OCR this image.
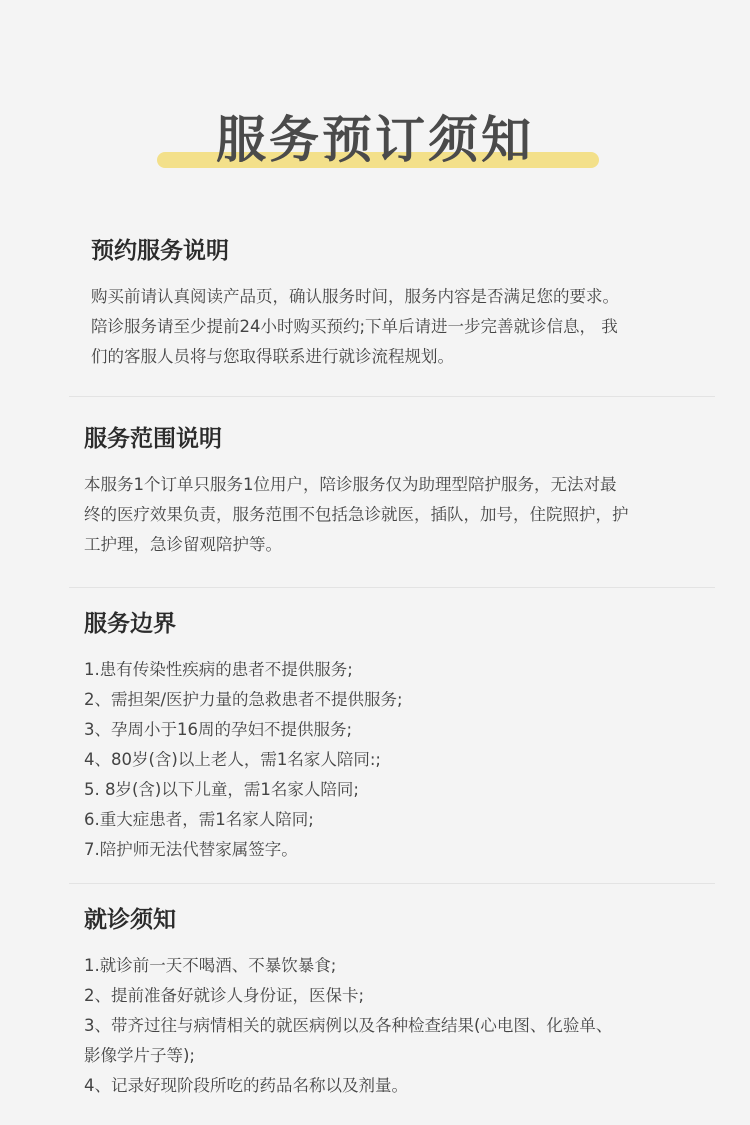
服务预订须知
预约服务说明
购买前请认真阅读产品页，确认服务时间，服务内容是否满足您的要求。
陪诊服务请至少提前24小时购买预约;下单后请进一步完善就诊信息， 我
们的客服人员将与您取得联系进行就诊流程规划。
服务范围说明
本服务1个订单只服务1位用户，陪诊服务仅为助理型陪护服务，无法对最
终的医疗效果负责，服务范围不包括急诊就医，插队，加号，住院照护，护
工护理，急诊留观陪护等。
服务边界
1.患有传染性疾病的患者不提供服务;
2、需担架/医护力量的急救患者不提供服务;
3、孕周小于16周的孕妇不提供服务;
4、80岁(含)以上老人，需1名家人陪同:;
5. 8岁(含)以下儿童，需1名家人陪同;
6.重大症患者，需1名家人陪同;
7.陪护师无法代替家属签字。
就诊须知
1.就诊前一天不喝酒、不暴饮暴食;
2、提前准备好就诊人身份证，医保卡;
3、带齐过往与病情相关的就医病例以及各种检查结果(心电图、化验单、
影像学片子等);
4、记录好现阶段所吃的药品名称以及剂量。
